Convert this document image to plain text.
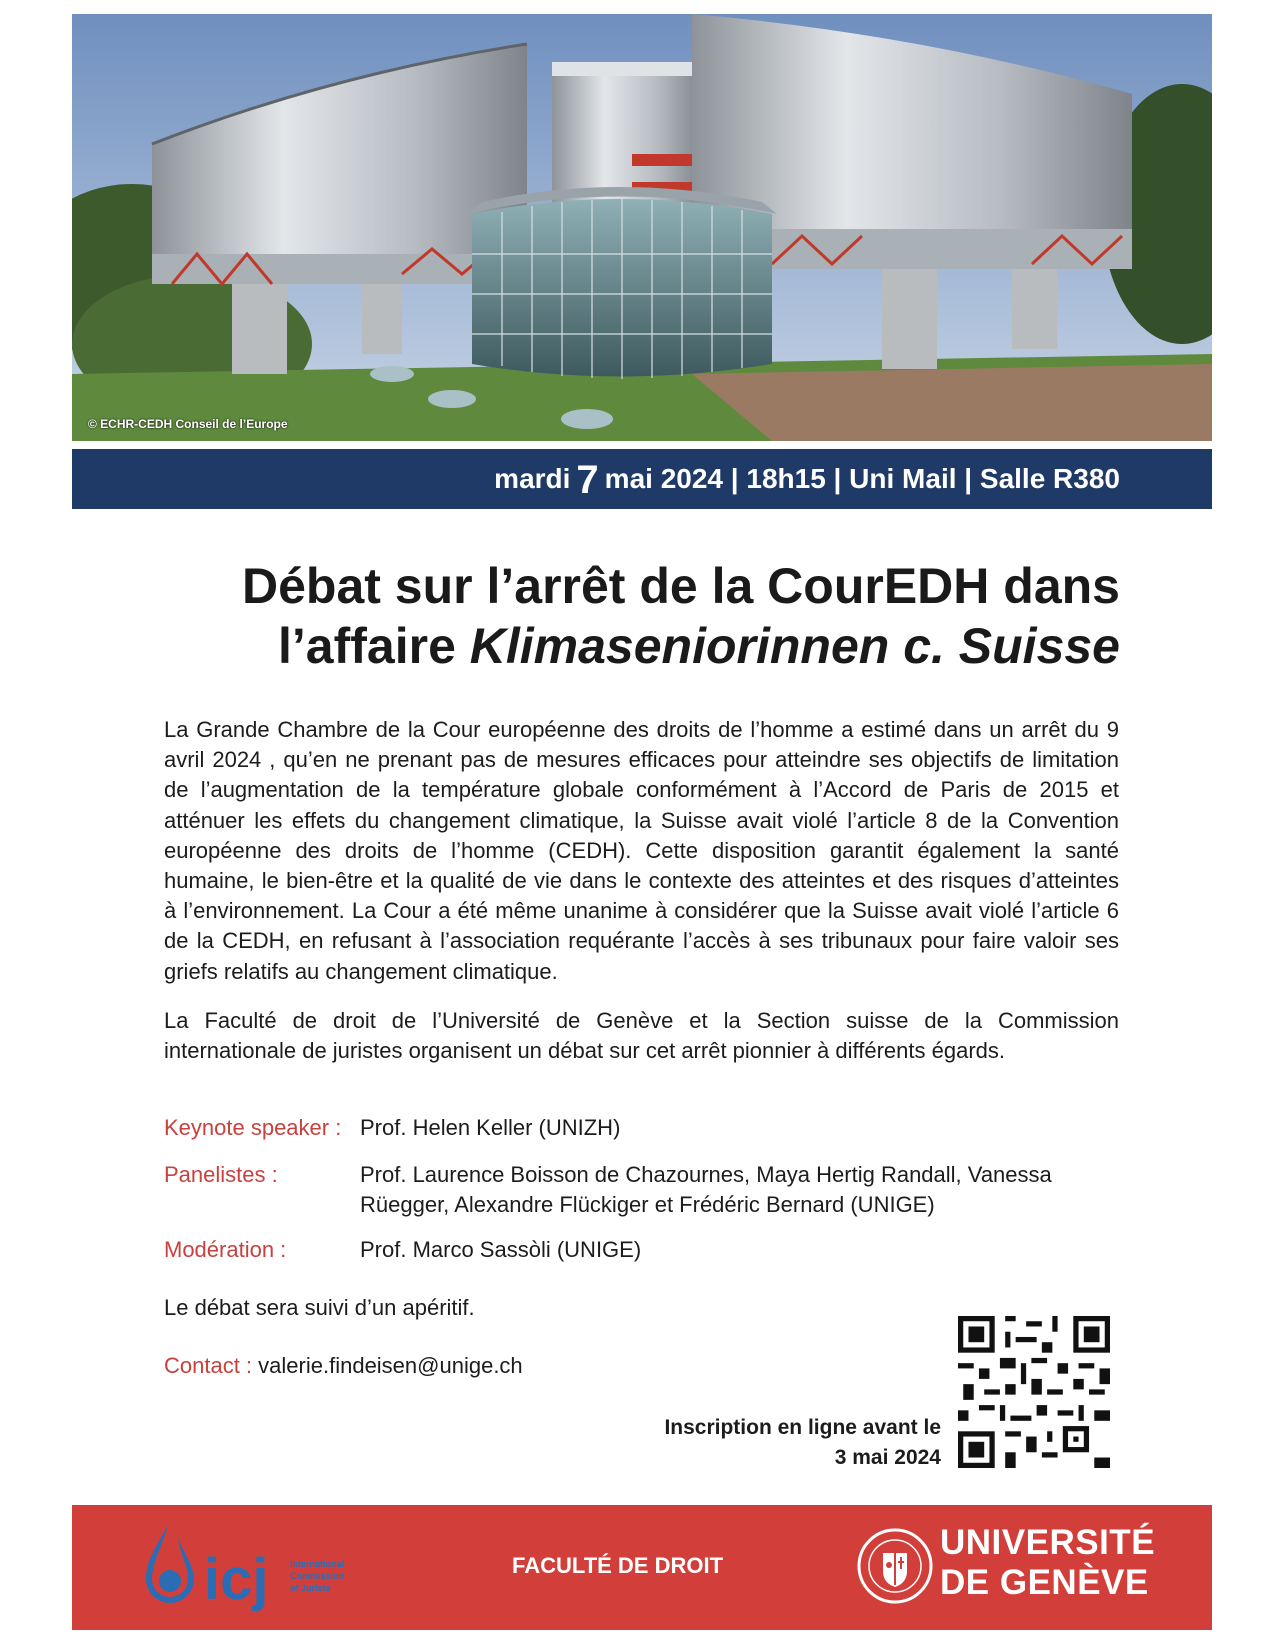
© ECHR-CEDH Conseil de l’Europe
mardi 7 mai 2024 | 18h15 | Uni Mail | Salle R380
Débat sur l’arrêt de la CourEDH dans
l’affaire Klimaseniorinnen c. Suisse

La Grande Chambre de la Cour européenne des droits de l’homme a estimé dans un arrêt du 9 avril 2024 , qu’en ne prenant pas de mesures efficaces pour atteindre ses objectifs de limitation de l’augmentation de la température globale conformément à l’Accord de Paris de 2015 et atténuer les effets du changement climatique, la Suisse avait violé l’article 8 de la Convention européenne des droits de l’homme (CEDH). Cette disposition garantit également la santé humaine, le bien-être et la qualité de vie dans le contexte des atteintes et des risques d’atteintes à l’environnement. La Cour a été même unanime à considérer que la Suisse avait violé l’article 6 de la CEDH, en refusant à l’association requérante l’accès à ses tribunaux pour faire valoir ses griefs relatifs au changement climatique.

La Faculté de droit de l’Université de Genève et la Section suisse de la Commission internationale de juristes organisent un débat sur cet arrêt pionnier à différents égards.

Keynote speaker : Prof. Helen Keller (UNIZH)
Panelistes :	Prof. Laurence Boisson de Chazournes, Maya Hertig Randall, Vanessa Rüegger, Alexandre Flückiger et Frédéric Bernard (UNIGE)
Modération :	Prof. Marco Sassòli (UNIGE)
Le débat sera suivi d’un apéritif.
Contact : valerie.findeisen@unige.ch
Inscription en ligne avant le
3 mai 2024
icj International
Commission
of Jurists
FACULTÉ DE DROIT
UNIVERSITÉ
DE GENÈVE
